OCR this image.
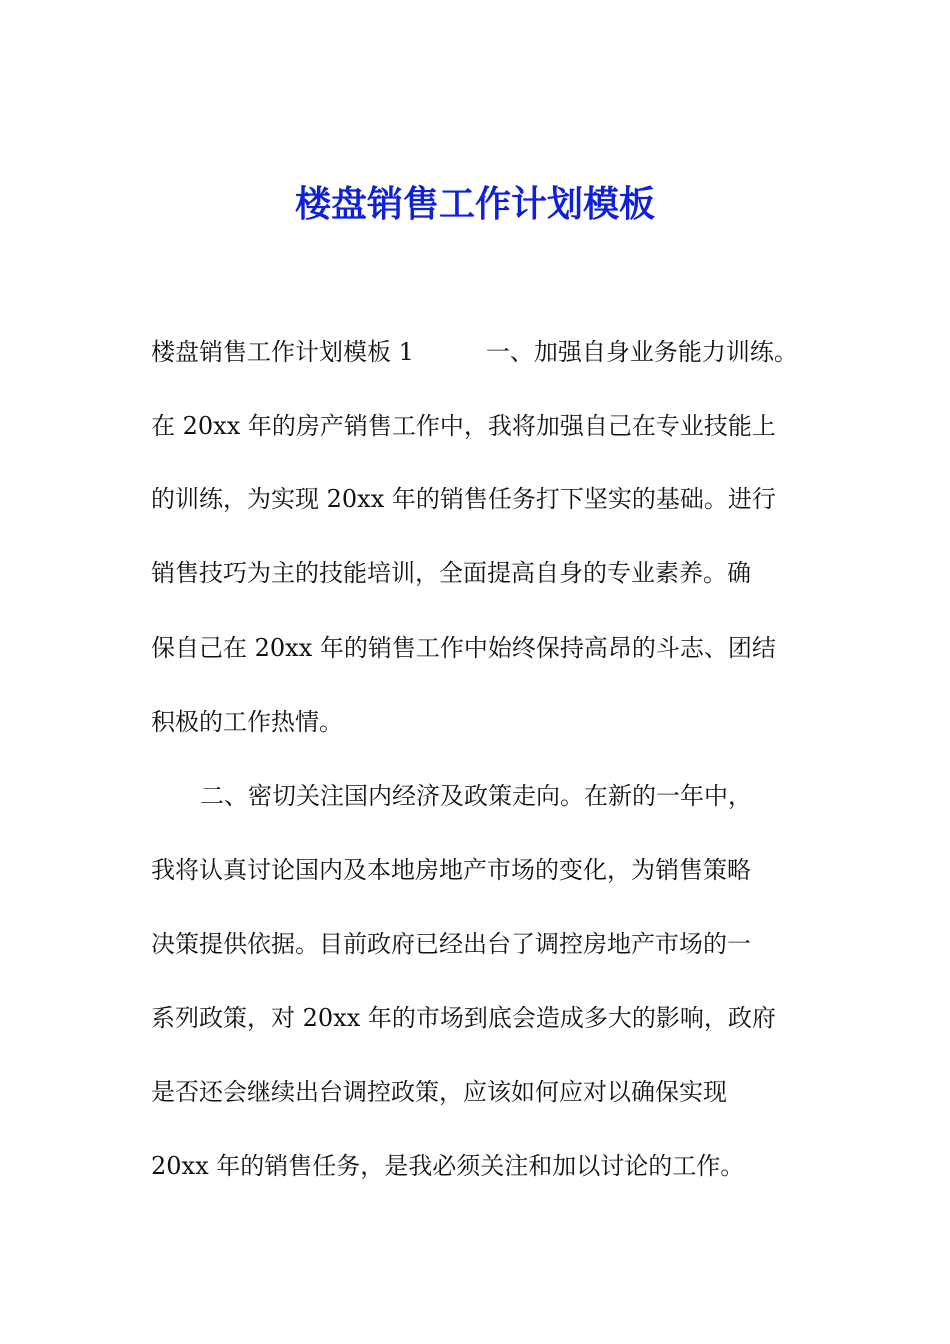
楼盘销售工作计划模板

楼盘销售工作计划模板 1　　　一、加强自身业务能力训练。

在 20xx 年的房产销售工作中，我将加强自己在专业技能上

的训练，为实现 20xx 年的销售任务打下坚实的基础。进行

销售技巧为主的技能培训，全面提高自身的专业素养。确

保自己在 20xx 年的销售工作中始终保持高昂的斗志、团结

积极的工作热情。

二、密切关注国内经济及政策走向。在新的一年中，

我将认真讨论国内及本地房地产市场的变化，为销售策略

决策提供依据。目前政府已经出台了调控房地产市场的一

系列政策，对 20xx 年的市场到底会造成多大的影响，政府

是否还会继续出台调控政策，应该如何应对以确保实现

20xx 年的销售任务，是我必须关注和加以讨论的工作。
